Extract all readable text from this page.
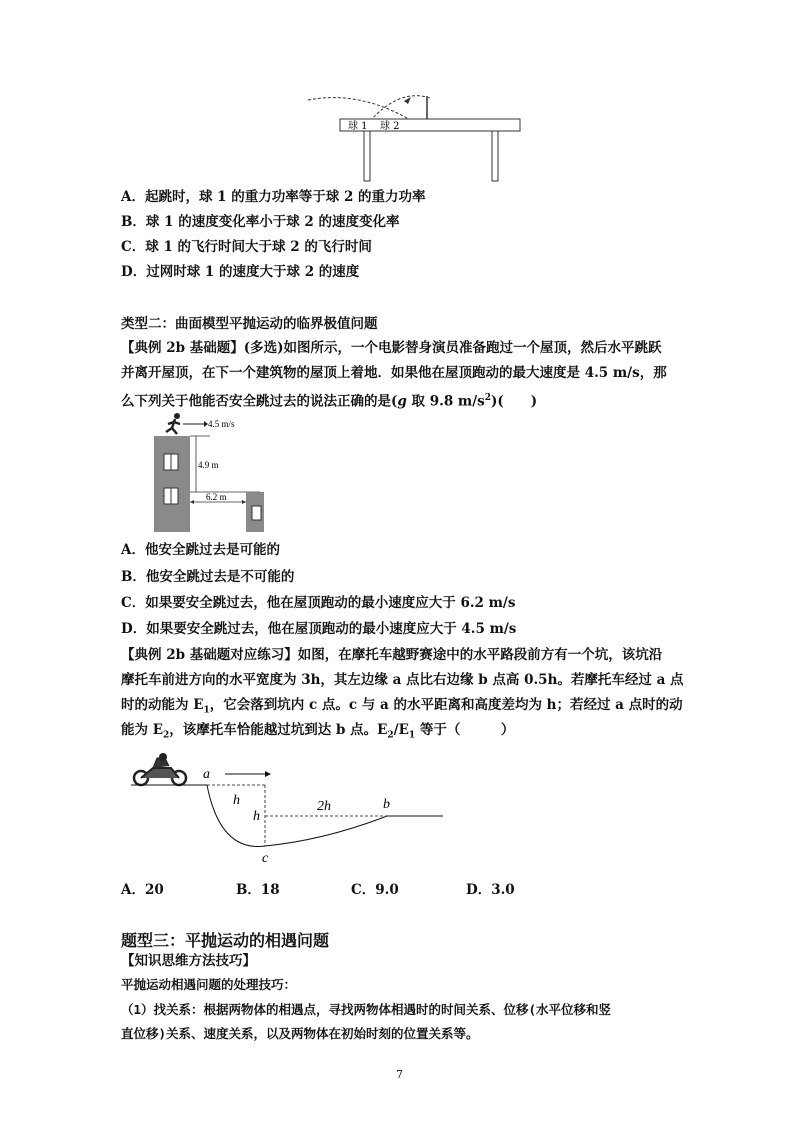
球 1 球 2
A．起跳时，球 1 的重力功率等于球 2 的重力功率
B．球 1 的速度变化率小于球 2 的速度变化率
C．球 1 的飞行时间大于球 2 的飞行时间
D．过网时球 1 的速度大于球 2 的速度
类型二：曲面模型平抛运动的临界极值问题
【典例 2b 基础题】(多选)如图所示，一个电影替身演员准备跑过一个屋顶，然后水平跳跃
并离开屋顶，在下一个建筑物的屋顶上着地．如果他在屋顶跑动的最大速度是 4.5 m/s，那
么下列关于他能否安全跳过去的说法正确的是(g 取 9.8 $m/s^2$)(　　)
4.5 m/s
4.9 m
6.2 m
A．他安全跳过去是可能的
B．他安全跳过去是不可能的
C．如果要安全跳过去，他在屋顶跑动的最小速度应大于 6.2 m/s
D．如果要安全跳过去，他在屋顶跑动的最小速度应大于 4.5 m/s
【典例 2b 基础题对应练习】如图，在摩托车越野赛途中的水平路段前方有一个坑，该坑沿
摩托车前进方向的水平宽度为 3h，其左边缘 a 点比右边缘 b 点高 0.5h。若摩托车经过 a 点
时的动能为 $E_1$，它会落到坑内 c 点。c 与 a 的水平距离和高度差均为 h；若经过 a 点时的动
能为 $E_2$，该摩托车恰能越过坑到达 b 点。$E_2/E_1$ 等于（　　　）
a
h
h
2h	b
c
A．20	B．18	C．9.0	D．3.0
题型三：平抛运动的相遇问题
【知识思维方法技巧】
平抛运动相遇问题的处理技巧：
（1）找关系：根据两物体的相遇点，寻找两物体相遇时的时间关系、位移(水平位移和竖
直位移)关系、速度关系，以及两物体在初始时刻的位置关系等。
7
